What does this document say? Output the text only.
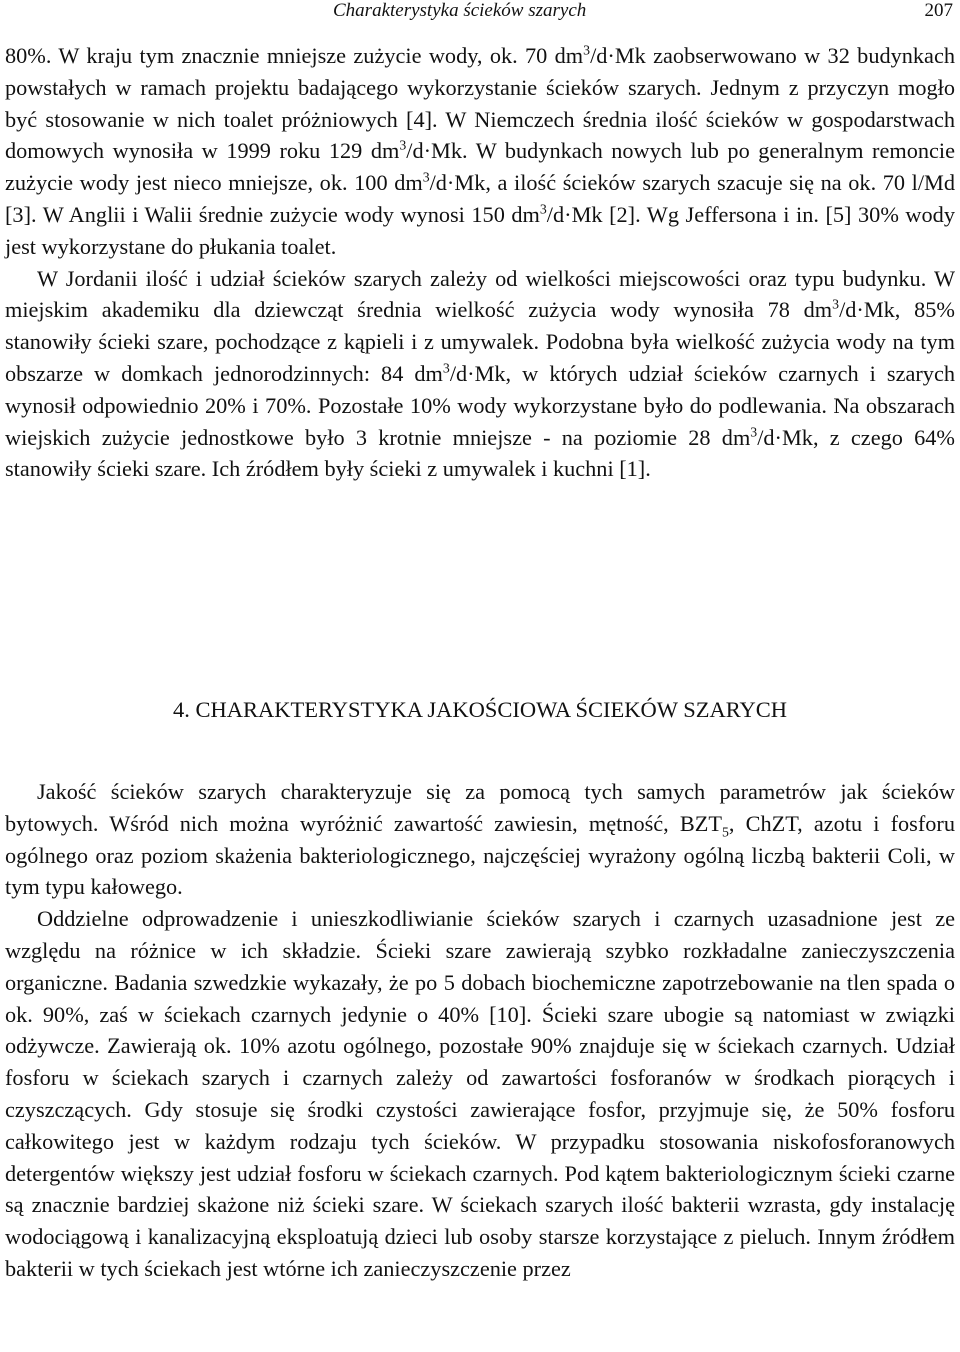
Charakterystyka ścieków szarych	207

80%. W kraju tym znacznie mniejsze zużycie wody, ok. 70 $dm^3/d\cdot Mk$ zaobserwowano w 32 budynkach powstałych w ramach projektu badającego wykorzystanie ścieków szarych. Jednym z przyczyn mogło być stosowanie w nich toalet próżniowych [4]. W Niemczech średnia ilość ścieków w gospodarstwach domowych wynosiła w 1999 roku 129 $dm^3/d\cdot Mk$. W budynkach nowych lub po generalnym remoncie zużycie wody jest nieco mniejsze, ok. 100 $dm^3/d\cdot Mk$, a ilość ścieków szarych szacuje się na ok. 70 l/Md [3]. W Anglii i Walii średnie zużycie wody wynosi 150 $dm^3/d\cdot Mk$ [2]. Wg Jeffersona i in. [5] 30% wody jest wykorzystane do płukania toalet.

W Jordanii ilość i udział ścieków szarych zależy od wielkości miejscowości oraz typu budynku. W miejskim akademiku dla dziewcząt średnia wielkość zużycia wody wynosiła 78 $dm^3/d\cdot Mk$, 85% stanowiły ścieki szare, pochodzące z kąpieli i z umywalek. Podobna była wielkość zużycia wody na tym obszarze w domkach jednorodzinnych: 84 $dm^3/d\cdot Mk$, w których udział ścieków czarnych i szarych wynosił odpowiednio 20% i 70%. Pozostałe 10% wody wykorzystane było do podlewania. Na obszarach wiejskich zużycie jednostkowe było 3 krotnie mniejsze - na poziomie 28 $dm^3/d\cdot Mk$, z czego 64% stanowiły ścieki szare. Ich źródłem były ścieki z umywalek i kuchni [1].

4. CHARAKTERYSTYKA JAKOŚCIOWA ŚCIEKÓW SZARYCH

Jakość ścieków szarych charakteryzuje się za pomocą tych samych parametrów jak ścieków bytowych. Wśród nich można wyróżnić zawartość zawiesin, mętność, $BZT_5$, ChZT, azotu i fosforu ogólnego oraz poziom skażenia bakteriologicznego, najczęściej wyrażony ogólną liczbą bakterii Coli, w tym typu kałowego.

Oddzielne odprowadzenie i unieszkodliwianie ścieków szarych i czarnych uzasadnione jest ze względu na różnice w ich składzie. Ścieki szare zawierają szybko rozkładalne zanieczyszczenia organiczne. Badania szwedzkie wykazały, że po 5 dobach biochemiczne zapotrzebowanie na tlen spada o ok. 90%, zaś w ściekach czarnych jedynie o 40% [10]. Ścieki szare ubogie są natomiast w związki odżywcze. Zawierają ok. 10% azotu ogólnego, pozostałe 90% znajduje się w ściekach czarnych. Udział fosforu w ściekach szarych i czarnych zależy od zawartości fosforanów w środkach piorących i czyszczących. Gdy stosuje się środki czystości zawierające fosfor, przyjmuje się, że 50% fosforu całkowitego jest w każdym rodzaju tych ścieków. W przypadku stosowania niskofosforanowych detergentów większy jest udział fosforu w ściekach czarnych. Pod kątem bakteriologicznym ścieki czarne są znacznie bardziej skażone niż ścieki szare. W ściekach szarych ilość bakterii wzrasta, gdy instalację wodociągową i kanalizacyjną eksploatują dzieci lub osoby starsze korzystające z pieluch. Innym źródłem bakterii w tych ściekach jest wtórne ich zanieczyszczenie przez
